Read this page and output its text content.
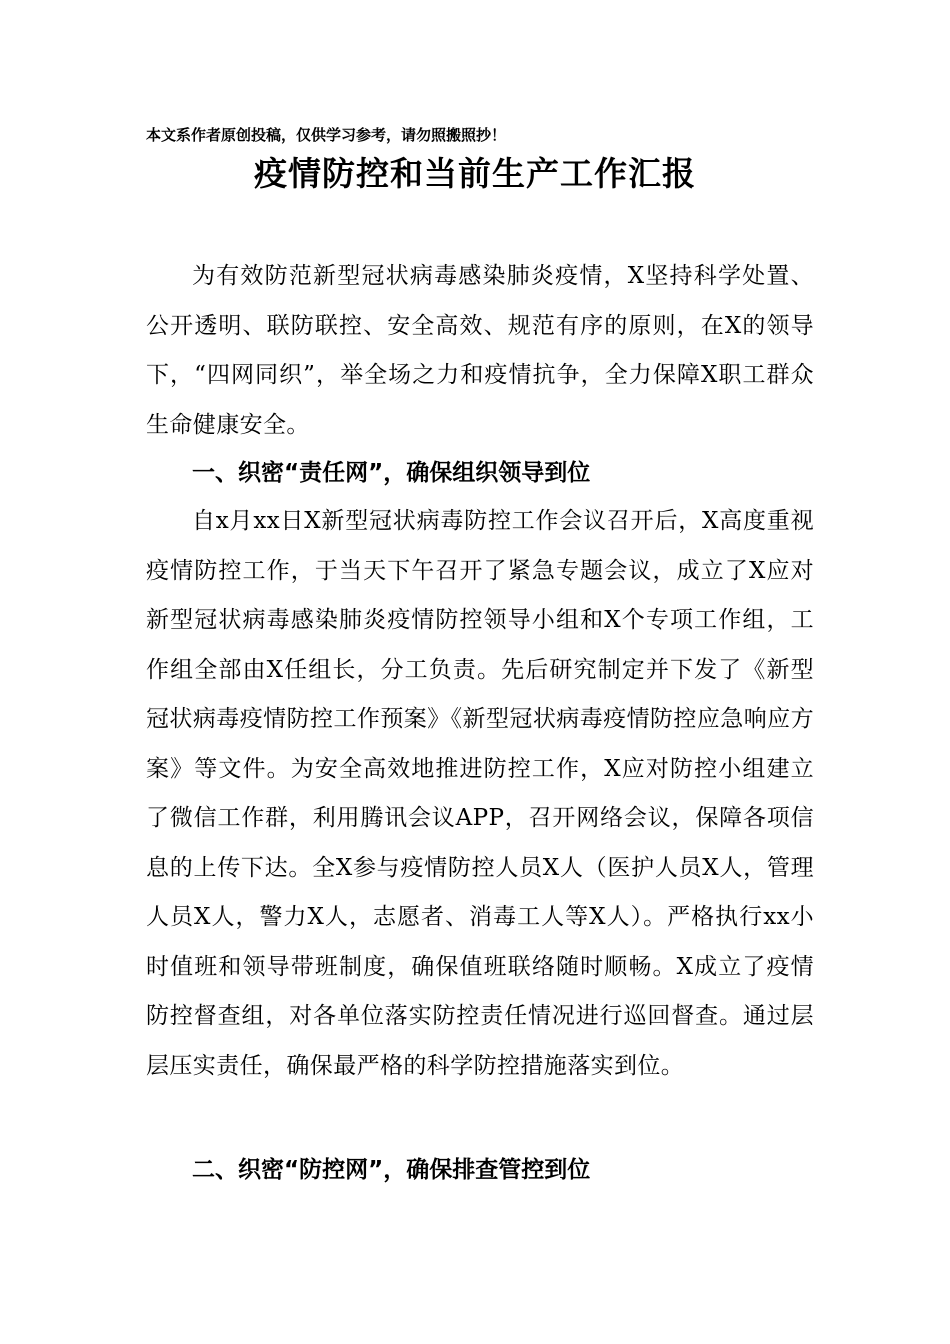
本文系作者原创投稿，仅供学习参考，请勿照搬照抄！
疫情防控和当前生产工作汇报

为有效防范新型冠状病毒感染肺炎疫情，X坚持科学处置、公开透明、联防联控、安全高效、规范有序的原则，在X的领导下，“四网同织”，举全场之力和疫情抗争，全力保障X职工群众生命健康安全。

一、织密“责任网”，确保组织领导到位

自x月xx日X新型冠状病毒防控工作会议召开后，X高度重视疫情防控工作，于当天下午召开了紧急专题会议，成立了X应对新型冠状病毒感染肺炎疫情防控领导小组和X个专项工作组，工作组全部由X任组长，分工负责。先后研究制定并下发了《新型冠状病毒疫情防控工作预案》《新型冠状病毒疫情防控应急响应方案》等文件。为安全高效地推进防控工作，X应对防控小组建立了微信工作群，利用腾讯会议APP，召开网络会议，保障各项信息的上传下达。全X参与疫情防控人员X人（医护人员X人，管理人员X人，警力X人，志愿者、消毒工人等X人）。严格执行xx小时值班和领导带班制度，确保值班联络随时顺畅。X成立了疫情防控督查组，对各单位落实防控责任情况进行巡回督查。通过层层压实责任，确保最严格的科学防控措施落实到位。

二、织密“防控网”，确保排查管控到位
